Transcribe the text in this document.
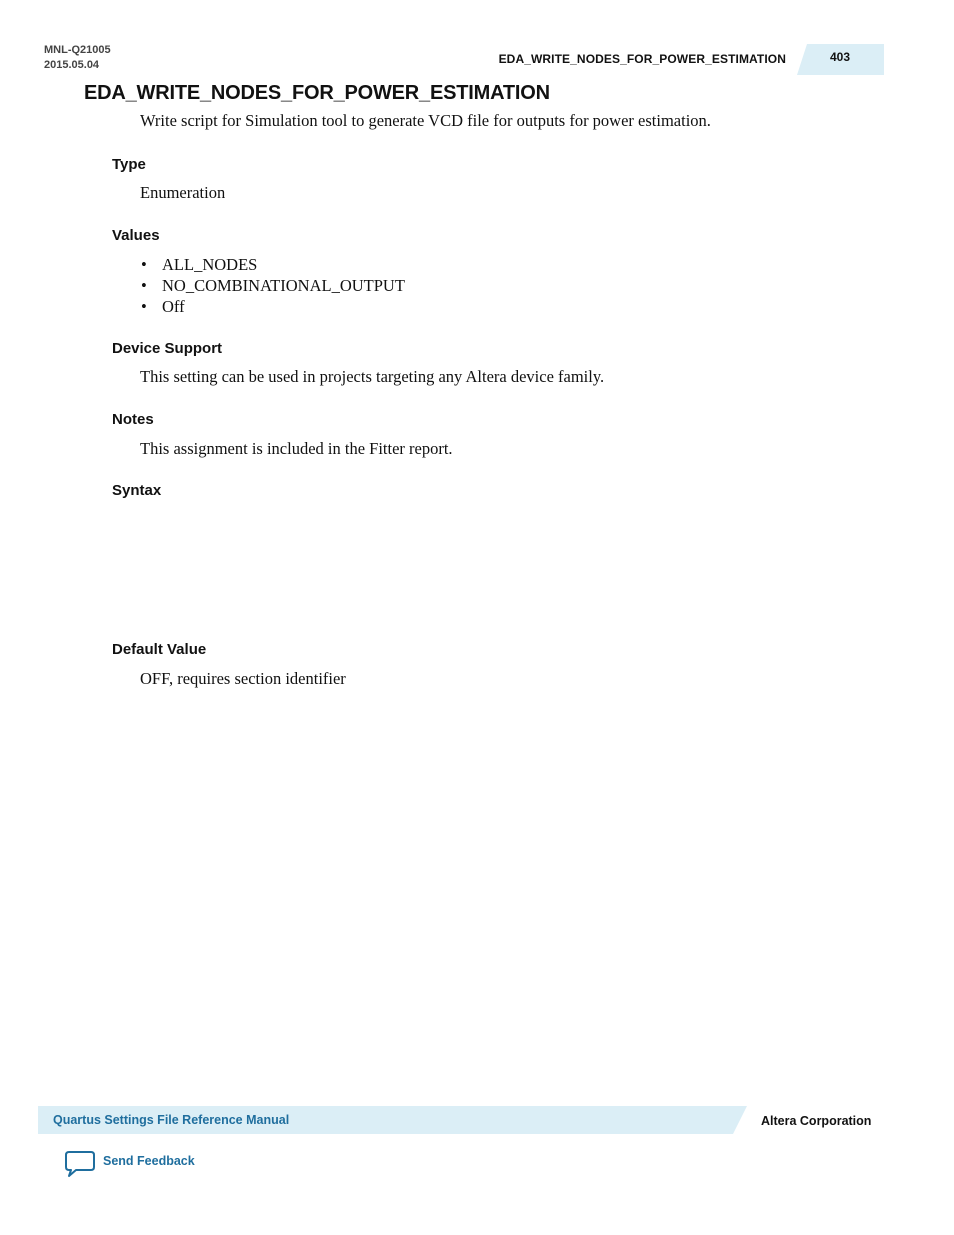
MNL-Q21005
2015.05.04	EDA_WRITE_NODES_FOR_POWER_ESTIMATION	403
EDA_WRITE_NODES_FOR_POWER_ESTIMATION

Write script for Simulation tool to generate VCD file for outputs for power estimation.

Type

Enumeration

Values
• ALL_NODES
• NO_COMBINATIONAL_OUTPUT
• Off
Device Support

This setting can be used in projects targeting any Altera device family.

Notes

This assignment is included in the Fitter report.

Syntax
Default Value

OFF, requires section identifier

Quartus Settings File Reference Manual	Altera Corporation
Send Feedback
